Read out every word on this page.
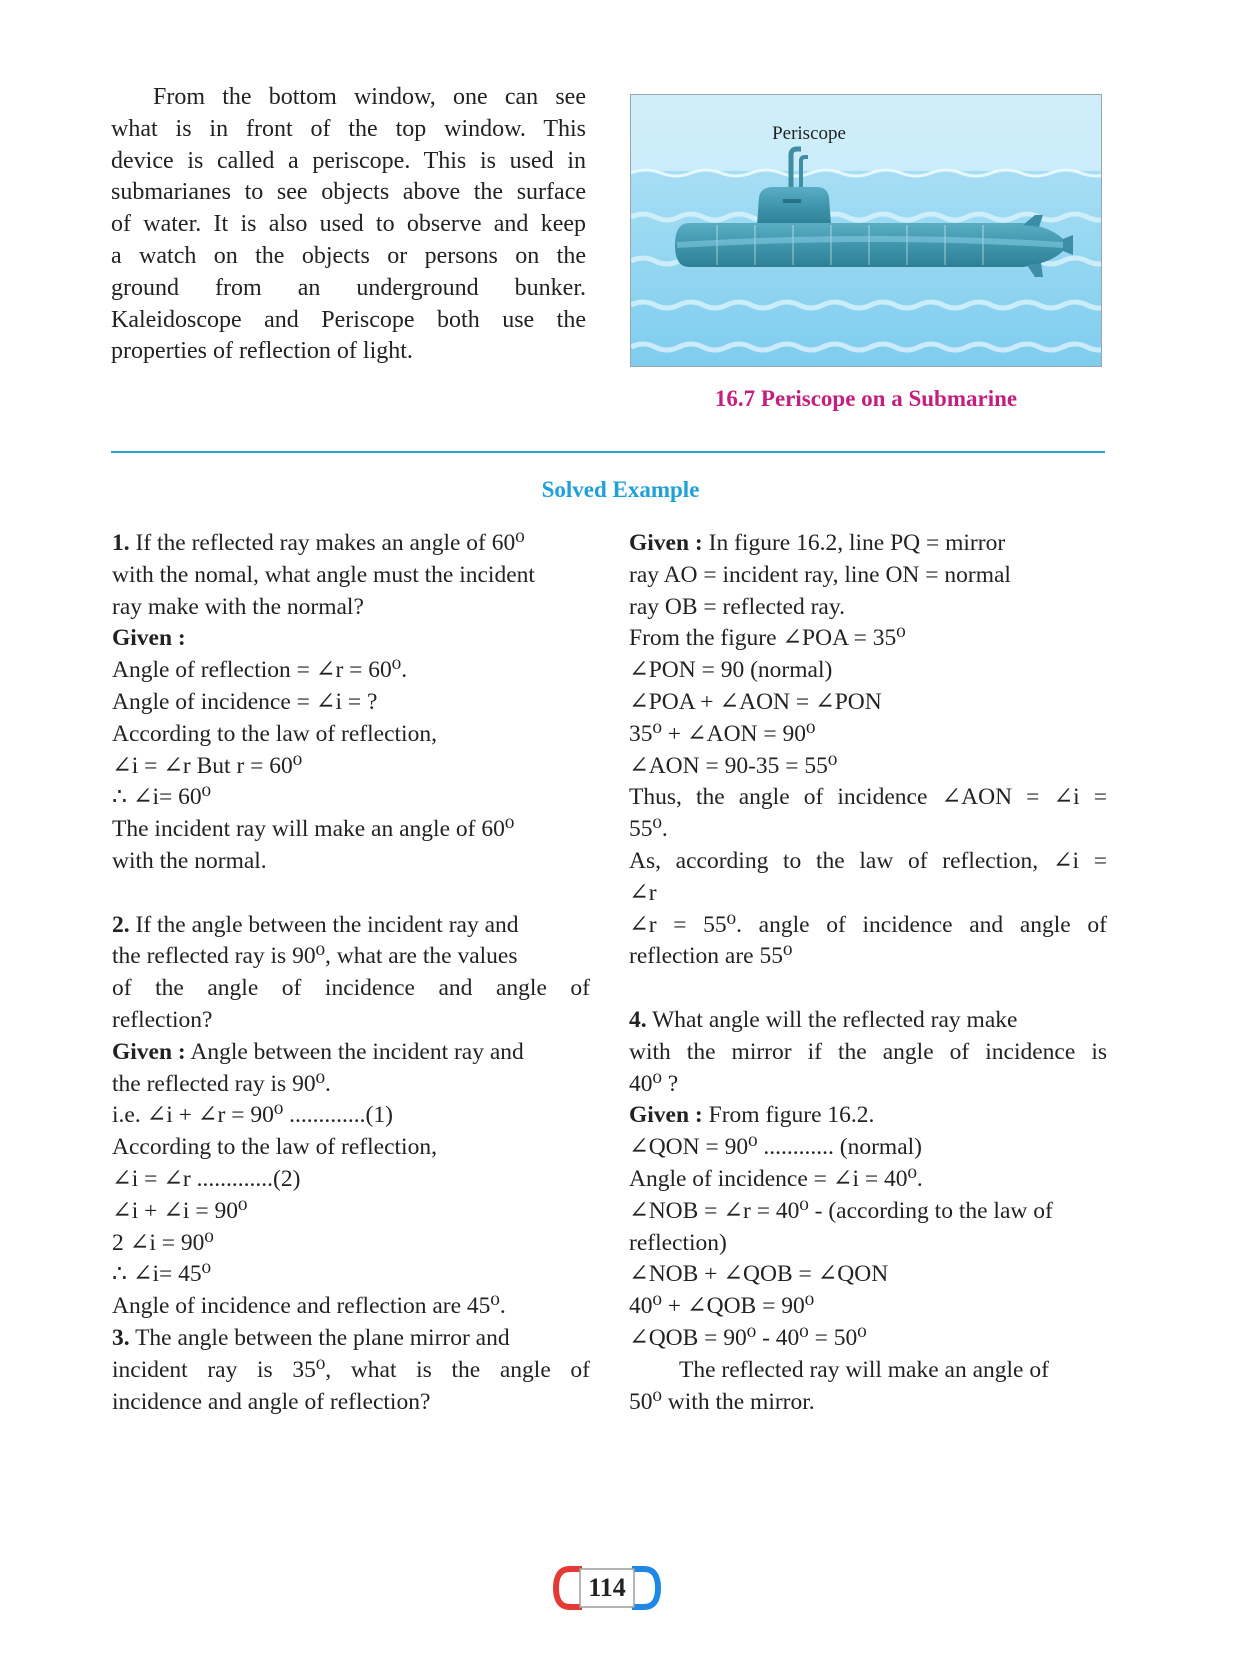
From the bottom window, one can see
what is in front of the top window. This
device is called a periscope. This is used in
submarianes to see objects above the surface
of water. It is also used to observe and keep
a watch on the objects or persons on the
ground from an underground bunker.
Kaleidoscope and Periscope both use the
properties of reflection of light.
Periscope
16.7 Periscope on a Submarine
Solved Example
1. If the reflected ray makes an angle of 60⁰
with the nomal, what angle must the incident
ray make with the normal?
Given :
Angle of reflection = ∠r = 60⁰.
Angle of incidence = ∠i = ?
According to the law of reflection,
∠i = ∠r But r = 60⁰
∴ ∠i= 60⁰
The incident ray will make an angle of 60⁰
with the normal.
2. If the angle between the incident ray and
the reflected ray is 90⁰, what are the values
of the angle of incidence and angle of
reflection?
Given : Angle between the incident ray and
the reflected ray is 90⁰.
i.e. ∠i + ∠r = 90⁰ .............(1)
According to the law of reflection,
∠i = ∠r .............(2)
∠i + ∠i = 90⁰
2 ∠i = 90⁰
∴ ∠i= 45⁰
Angle of incidence and reflection are 45⁰.
3. The angle between the plane mirror and
incident ray is 35⁰, what is the angle of
incidence and angle of reflection?
Given : In figure 16.2, line PQ = mirror
ray AO = incident ray, line ON = normal
ray OB = reflected ray.
From the figure ∠POA = 35⁰
∠PON = 90 (normal)
∠POA + ∠AON = ∠PON
35⁰ + ∠AON = 90⁰
∠AON = 90-35 = 55⁰
Thus, the angle of incidence ∠AON = ∠i =
55⁰.
As, according to the law of reflection, ∠i =
∠r
∠r = 55⁰. angle of incidence and angle of
reflection are 55⁰
4. What angle will the reflected ray make
with the mirror if the angle of incidence is
40⁰ ?
Given : From figure 16.2.
∠QON = 90⁰ ............ (normal)
Angle of incidence = ∠i = 40⁰.
∠NOB = ∠r = 40⁰ - (according to the law of
reflection)
∠NOB + ∠QOB = ∠QON
40⁰ + ∠QOB = 90⁰
∠QOB = 90⁰ - 40⁰ = 50⁰
The reflected ray will make an angle of
50⁰ with the mirror.
114
